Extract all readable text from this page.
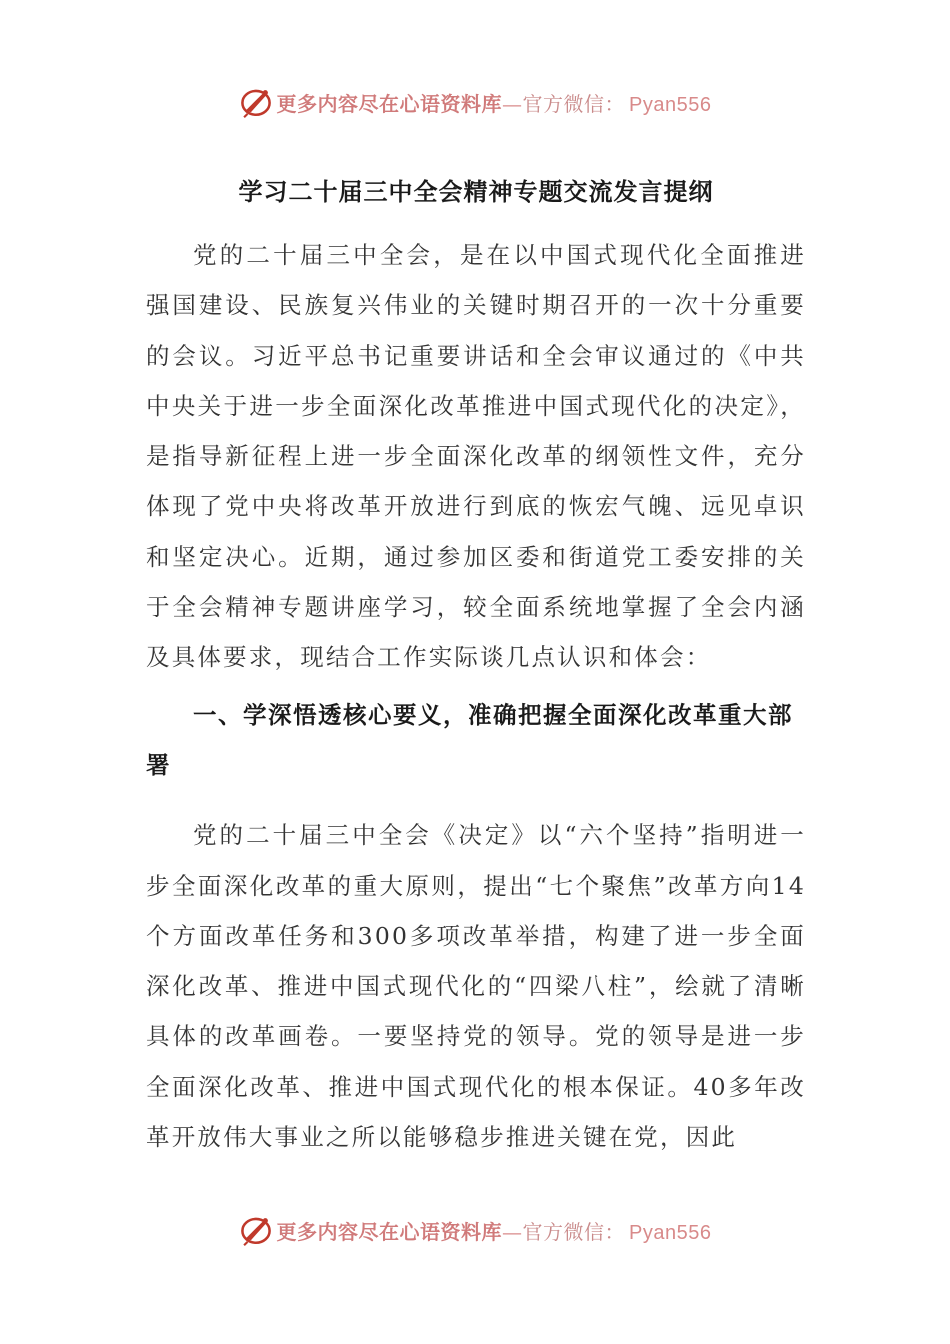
更多内容尽在心语资料库—官方微信： Pyan556
学习二十届三中全会精神专题交流发言提纲

党的二十届三中全会，是在以中国式现代化全面推进强国建设、民族复兴伟业的关键时期召开的一次十分重要的会议。习近平总书记重要讲话和全会审议通过的《中共中央关于进一步全面深化改革推进中国式现代化的决定》，是指导新征程上进一步全面深化改革的纲领性文件，充分体现了党中央将改革开放进行到底的恢宏气魄、远见卓识和坚定决心。近期，通过参加区委和街道党工委安排的关于全会精神专题讲座学习，较全面系统地掌握了全会内涵及具体要求，现结合工作实际谈几点认识和体会：

一、学深悟透核心要义，准确把握全面深化改革重大部署

党的二十届三中全会《决定》以“六个坚持”指明进一步全面深化改革的重大原则，提出“七个聚焦”改革方向14个方面改革任务和300多项改革举措，构建了进一步全面深化改革、推进中国式现代化的“四梁八柱”，绘就了清晰具体的改革画卷。一要坚持党的领导。党的领导是进一步全面深化改革、推进中国式现代化的根本保证。40多年改革开放伟大事业之所以能够稳步推进关键在党，因此

更多内容尽在心语资料库—官方微信： Pyan556
